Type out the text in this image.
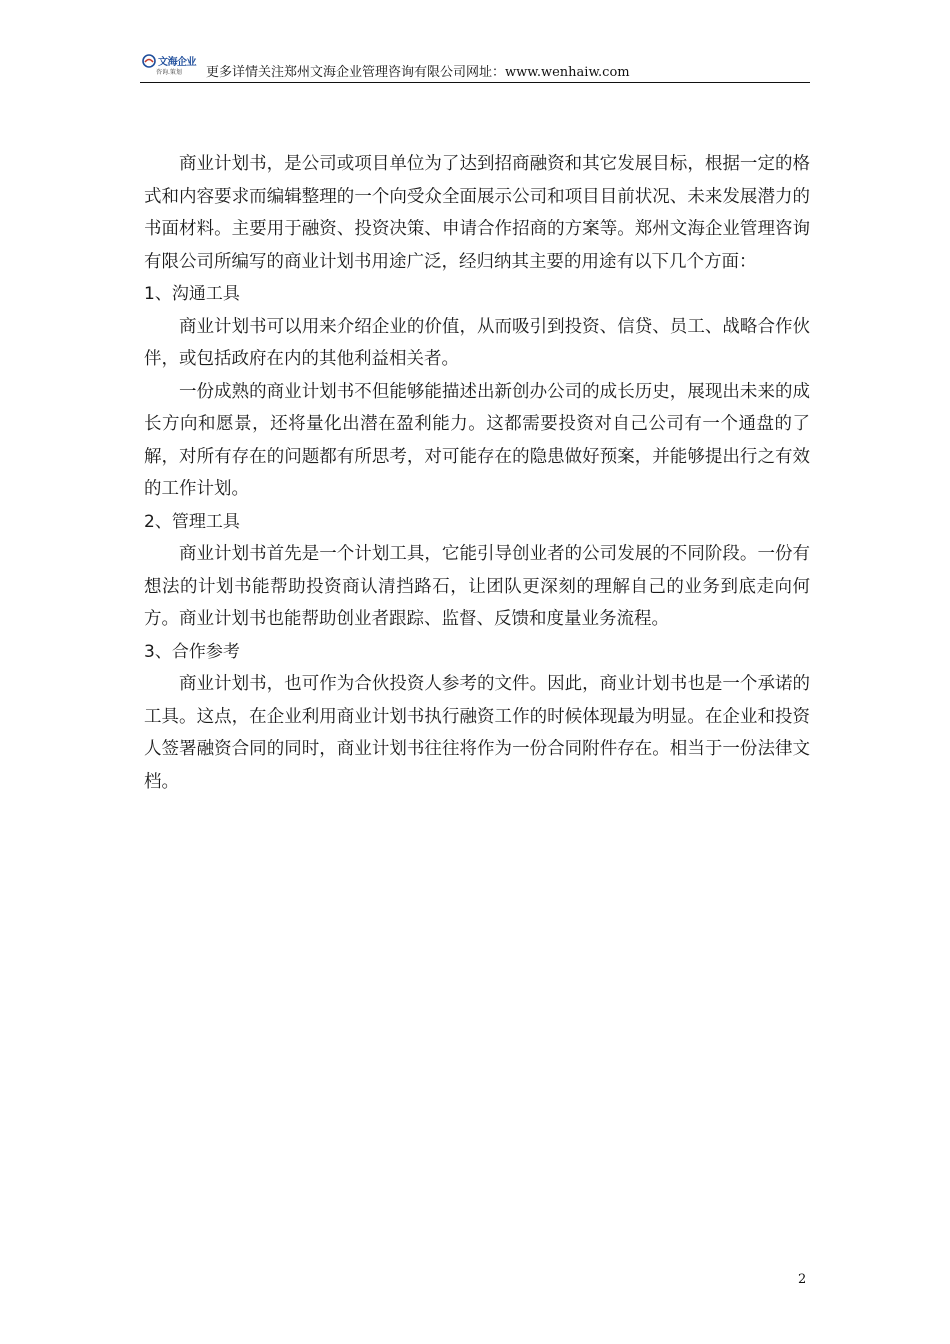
文海企业
咨询.策划 更多详情关注郑州文海企业管理咨询有限公司网址：www.wenhaiw.com

商业计划书，是公司或项目单位为了达到招商融资和其它发展目标，根据一定的格式和内容要求而编辑整理的一个向受众全面展示公司和项目目前状况、未来发展潜力的书面材料。主要用于融资、投资决策、申请合作招商的方案等。郑州文海企业管理咨询有限公司所编写的商业计划书用途广泛，经归纳其主要的用途有以下几个方面：

1、沟通工具

商业计划书可以用来介绍企业的价值，从而吸引到投资、信贷、员工、战略合作伙伴，或包括政府在内的其他利益相关者。

一份成熟的商业计划书不但能够能描述出新创办公司的成长历史，展现出未来的成长方向和愿景，还将量化出潜在盈利能力。这都需要投资对自己公司有一个通盘的了解，对所有存在的问题都有所思考，对可能存在的隐患做好预案，并能够提出行之有效的工作计划。

2、管理工具

商业计划书首先是一个计划工具，它能引导创业者的公司发展的不同阶段。一份有想法的计划书能帮助投资商认清挡路石，让团队更深刻的理解自己的业务到底走向何方。商业计划书也能帮助创业者跟踪、监督、反馈和度量业务流程。

3、合作参考

商业计划书，也可作为合伙投资人参考的文件。因此，商业计划书也是一个承诺的工具。这点，在企业利用商业计划书执行融资工作的时候体现最为明显。在企业和投资人签署融资合同的同时，商业计划书往往将作为一份合同附件存在。相当于一份法律文档。

2
